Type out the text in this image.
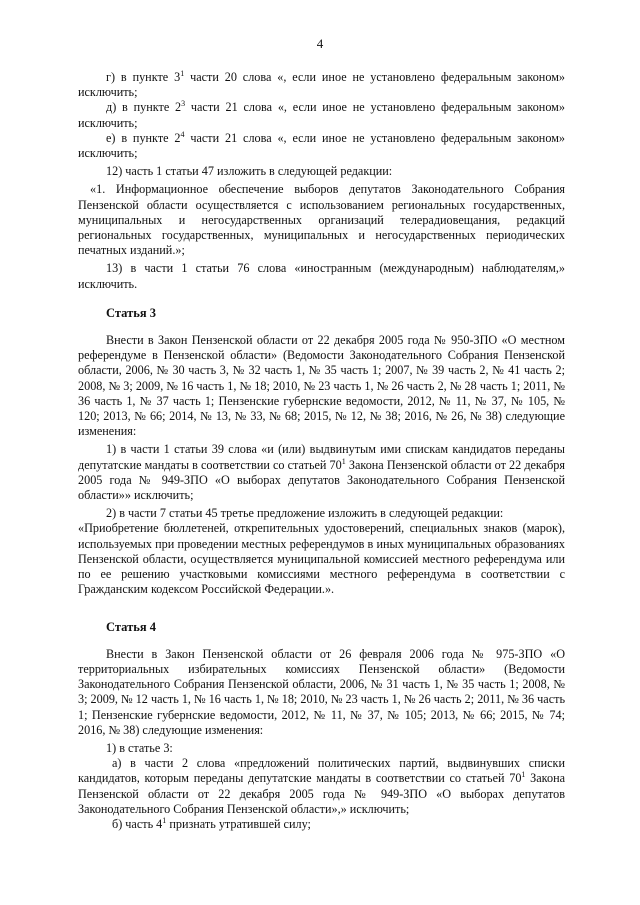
4

г) в пункте $3^1$ части 20 слова «, если иное не установлено федеральным законом» исключить;

д) в пункте $2^3$ части 21 слова «, если иное не установлено федеральным законом» исключить;

е) в пункте $2^4$ части 21 слова «, если иное не установлено федеральным законом» исключить;

12) часть 1 статьи 47 изложить в следующей редакции:

«1. Информационное обеспечение выборов депутатов Законодательного Собрания Пензенской области осуществляется с использованием региональных государственных, муниципальных и негосударственных организаций телерадиовещания, редакций региональных государственных, муниципальных и негосударственных периодических печатных изданий.»;

13) в части 1 статьи 76 слова «иностранным (международным) наблюдателям,» исключить.

Статья 3

Внести в Закон Пензенской области от 22 декабря 2005 года № 950-ЗПО «О местном референдуме в Пензенской области» (Ведомости Законодательного Собрания Пензенской области, 2006, № 30 часть 3, № 32 часть 1, № 35 часть 1; 2007, № 39 часть 2, № 41 часть 2; 2008, № 3; 2009, № 16 часть 1, № 18; 2010, № 23 часть 1, № 26 часть 2, № 28 часть 1; 2011, № 36 часть 1, № 37 часть 1; Пензенские губернские ведомости, 2012, № 11, № 37, № 105, № 120; 2013, № 66; 2014, № 13, № 33, № 68; 2015, № 12, № 38; 2016, № 26, № 38) следующие изменения:

1) в части 1 статьи 39 слова «и (или) выдвинутым ими спискам кандидатов переданы депутатские мандаты в соответствии со статьей $70^1$ Закона Пензенской области от 22 декабря 2005 года № 949-ЗПО «О выборах депутатов Законодательного Собрания Пензенской области»» исключить;

2) в части 7 статьи 45 третье предложение изложить в следующей редакции:

«Приобретение бюллетеней, открепительных удостоверений, специальных знаков (марок), используемых при проведении местных референдумов в иных муниципальных образованиях Пензенской области, осуществляется муниципальной комиссией местного референдума или по ее решению участковыми комиссиями местного референдума в соответствии с Гражданским кодексом Российской Федерации.».

Статья 4

Внести в Закон Пензенской области от 26 февраля 2006 года № 975-ЗПО «О территориальных избирательных комиссиях Пензенской области» (Ведомости Законодательного Собрания Пензенской области, 2006, № 31 часть 1, № 35 часть 1; 2008, № 3; 2009, № 12 часть 1, № 16 часть 1, № 18; 2010, № 23 часть 1, № 26 часть 2; 2011, № 36 часть 1; Пензенские губернские ведомости, 2012, № 11, № 37, № 105; 2013, № 66; 2015, № 74; 2016, № 38) следующие изменения:

1) в статье 3:

а) в части 2 слова «предложений политических партий, выдвинувших списки кандидатов, которым переданы депутатские мандаты в соответствии со статьей $70^1$ Закона Пензенской области от 22 декабря 2005 года № 949-ЗПО «О выборах депутатов Законодательного Собрания Пензенской области»,» исключить;

б) часть $4^1$ признать утратившей силу;
